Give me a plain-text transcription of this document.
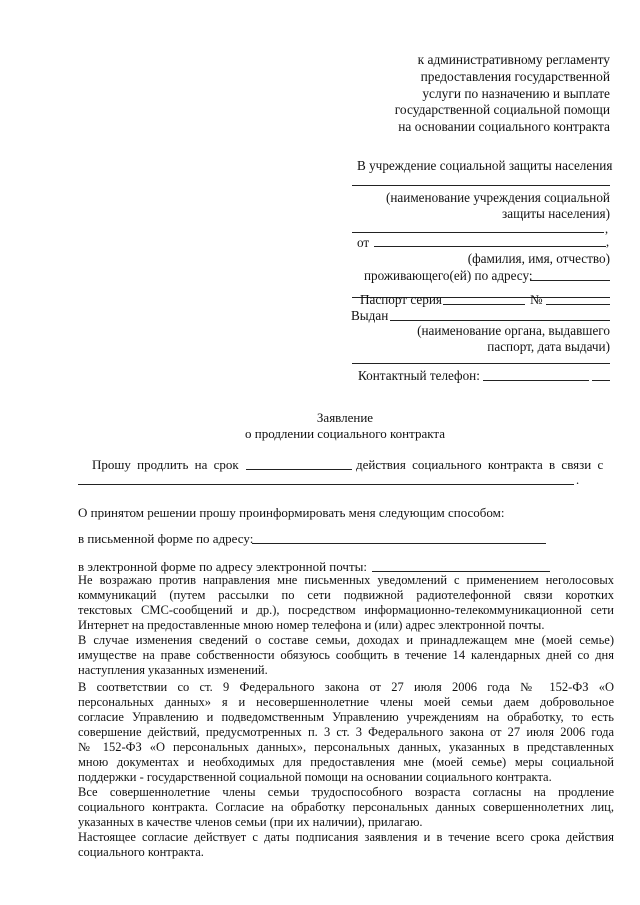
к административному регламенту
предоставления государственной
услуги по назначению и выплате
государственной социальной помощи
на основании социального контракта
В учреждение социальной защиты населения
(наименование учреждения социальной
защиты населения)
,
от	,
(фамилия, имя, отчество)
проживающего(ей) по адресу:
Паспорт серия	№
Выдан
(наименование органа, выдавшего
паспорт, дата выдачи)
Контактный телефон:
Заявление
о продлении социального контракта
Прошу продлить на срок	действия социального контракта в связи с
.
О принятом решении прошу проинформировать меня следующим способом:
в письменной форме по адресу:
в электронной форме по адресу электронной почты:
Не возражаю против направления мне письменных уведомлений с применением неголосовых
коммуникаций (путем рассылки по сети подвижной радиотелефонной связи коротких
текстовых СМС-сообщений и др.), посредством информационно-телекоммуникационной сети
Интернет на предоставленные мною номер телефона и (или) адрес электронной почты.
В случае изменения сведений о составе семьи, доходах и принадлежащем мне (моей семье)
имуществе на праве собственности обязуюсь сообщить в течение 14 календарных дней со дня
наступления указанных изменений.
В соответствии со ст. 9 Федерального закона от 27 июля 2006 года № 152-ФЗ «О
персональных данных» я и несовершеннолетние члены моей семьи даем добровольное
согласие Управлению и подведомственным Управлению учреждениям на обработку, то есть
совершение действий, предусмотренных п. 3 ст. 3 Федерального закона от 27 июля 2006 года
№ 152-ФЗ «О персональных данных», персональных данных, указанных в представленных
мною документах и необходимых для предоставления мне (моей семье) меры социальной
поддержки - государственной социальной помощи на основании социального контракта.
Все совершеннолетние члены семьи трудоспособного возраста согласны на продление
социального контракта. Согласие на обработку персональных данных совершеннолетних лиц,
указанных в качестве членов семьи (при их наличии), прилагаю.
Настоящее согласие действует с даты подписания заявления и в течение всего срока действия
социального контракта.
